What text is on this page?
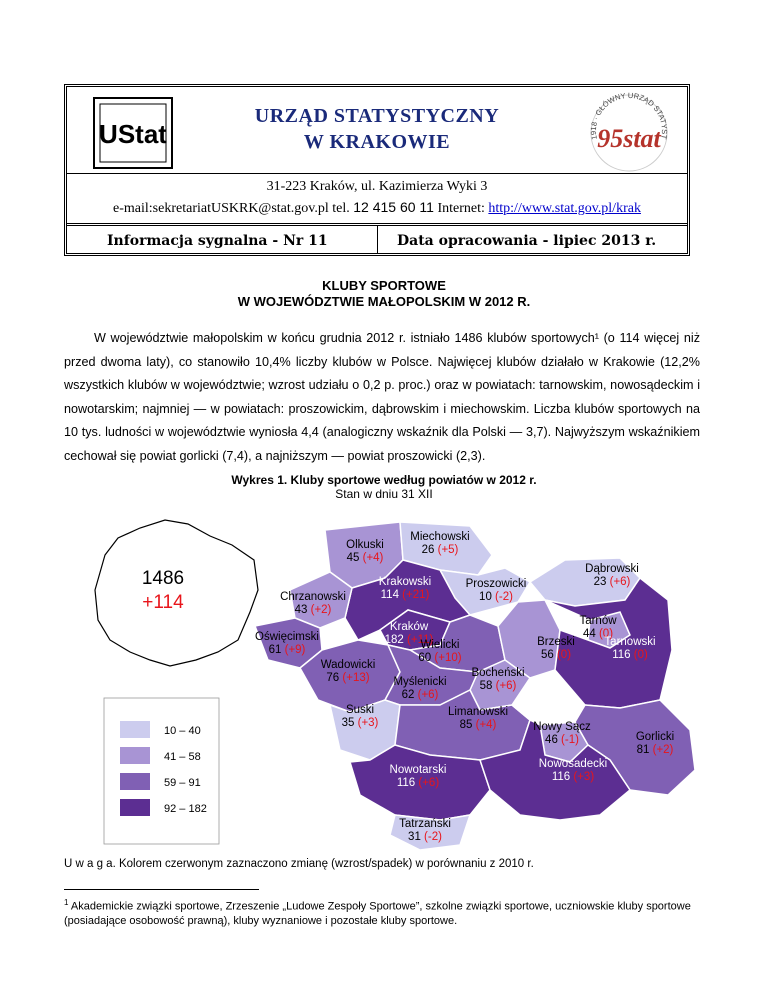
UStat
URZĄD STATYSTYCZNY
W KRAKOWIE	1918 · GŁÓWNY URZĄD STATYST
95stat
31-223 Kraków, ul. Kazimierza Wyki 3
e-mail:sekretariatUSKRK@stat.gov.pl tel. 12 415 60 11 Internet: http://www.stat.gov.pl/krak
Informacja sygnalna - Nr 11	Data opracowania - lipiec 2013 r.
KLUBY SPORTOWE
W WOJEWÓDZTWIE MAŁOPOLSKIM W 2012 R.
W województwie małopolskim w końcu grudnia 2012 r. istniało 1486 klubów sportowych¹ (o 114 więcej niż przed dwoma laty), co stanowiło 10,4% liczby klubów w Polsce. Najwięcej klubów działało w Krakowie (12,2% wszystkich klubów w województwie; wzrost udziału o 0,2 p. proc.) oraz w powiatach: tarnowskim, nowosądeckim i nowotarskim; najmniej — w powiatach: proszowickim, dąbrowskim i miechowskim. Liczba klubów sportowych na 10 tys. ludności w województwie wyniosła 4,4 (analogiczny wskaźnik dla Polski — 3,7). Najwyższym wskaźnikiem cechował się powiat gorlicki (7,4), a najniższym — powiat proszowicki (2,3).
Wykres 1. Kluby sportowe według powiatów w 2012 r.
Stan w dniu 31 XII
10 – 40
41 – 58
59 – 91
92 – 182
1486
+114
Olkuski
45 (+4)
Miechowski
26 (+5)
Proszowicki
10 (-2)
Dąbrowski
23 (+6)
Krakowski
114 (+21)
Chrzanowski
43 (+2)
Kraków
182 (+11)
Tarnów
44 (0)
Oświęcimski
61 (+9)	Wielicki
60 (+10)
Brzeski
56 (0)
Bocheński
58 (+6)
Tarnowski
116 (0)
Wadowicki
76 (+13) Myślenicki
62 (+6)
Suski
35 (+3)
Limanowski
85 (+4)	Nowy Sącz
46 (-1)	Gorlicki
81 (+2)
Nowotarski
116 (+6)
Nowosadecki
116 (+3)
Tatrzański
31 (-2)
U w a g a. Kolorem czerwonym zaznaczono zmianę (wzrost/spadek) w porównaniu z 2010 r.
$^1$ Akademickie związki sportowe, Zrzeszenie „Ludowe Zespoły Sportowe”, szkolne związki sportowe, uczniowskie kluby sportowe (posiadające osobowość prawną), kluby wyznaniowe i pozostałe kluby sportowe.
